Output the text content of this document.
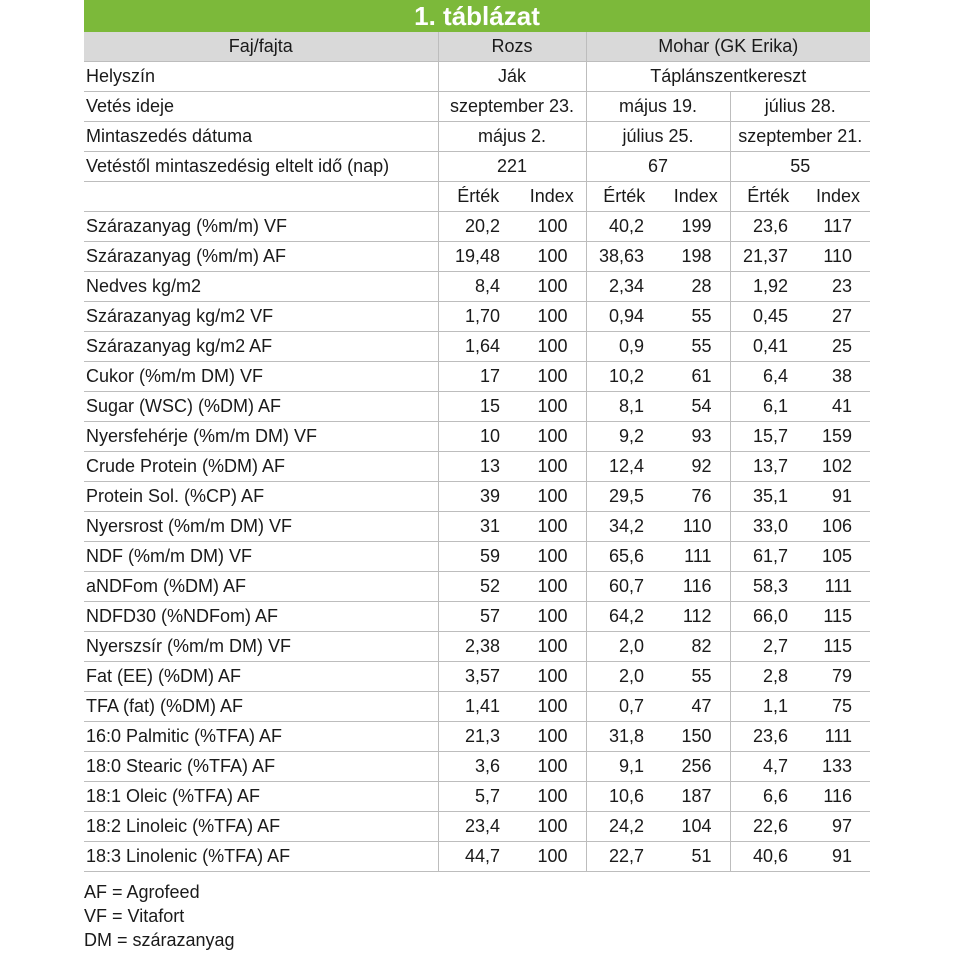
1. táblázat
Faj/fajta	Rozs		Mohar (GK Erika)			
Helyszín	Ják		Táplánszentkereszt			
Vetés ideje	szeptember 23.		május 19.		július 28.	
Mintaszedés dátuma	május 2.		július 25.		szeptember 21.	
Vetéstől mintaszedésig eltelt idő (nap)	221		67		55	
	Érték	Index	Érték	Index	Érték	Index
Szárazanyag (%m/m) VF	20,2	100	40,2	199	23,6	117
Szárazanyag (%m/m) AF	19,48	100	38,63	198	21,37	110
Nedves kg/m2	8,4	100	2,34	28	1,92	23
Szárazanyag kg/m2 VF	1,70	100	0,94	55	0,45	27
Szárazanyag kg/m2 AF	1,64	100	0,9	55	0,41	25
Cukor (%m/m DM) VF	17	100	10,2	61	6,4	38
Sugar (WSC) (%DM) AF	15	100	8,1	54	6,1	41
Nyersfehérje (%m/m DM) VF	10	100	9,2	93	15,7	159
Crude Protein (%DM) AF	13	100	12,4	92	13,7	102
Protein Sol. (%CP) AF	39	100	29,5	76	35,1	91
Nyersrost (%m/m DM) VF	31	100	34,2	110	33,0	106
NDF (%m/m DM) VF	59	100	65,6	111	61,7	105
aNDFom (%DM) AF	52	100	60,7	116	58,3	111
NDFD30 (%NDFom) AF	57	100	64,2	112	66,0	115
Nyerszsír (%m/m DM) VF	2,38	100	2,0	82	2,7	115
Fat (EE) (%DM) AF	3,57	100	2,0	55	2,8	79
TFA (fat) (%DM) AF	1,41	100	0,7	47	1,1	75
16:0 Palmitic (%TFA) AF	21,3	100	31,8	150	23,6	111
18:0 Stearic (%TFA) AF	3,6	100	9,1	256	4,7	133
18:1 Oleic (%TFA) AF	5,7	100	10,6	187	6,6	116
18:2 Linoleic (%TFA) AF	23,4	100	24,2	104	22,6	97
18:3 Linolenic (%TFA) AF	44,7	100	22,7	51	40,6	91
AF = Agrofeed
VF = Vitafort
DM = szárazanyag
